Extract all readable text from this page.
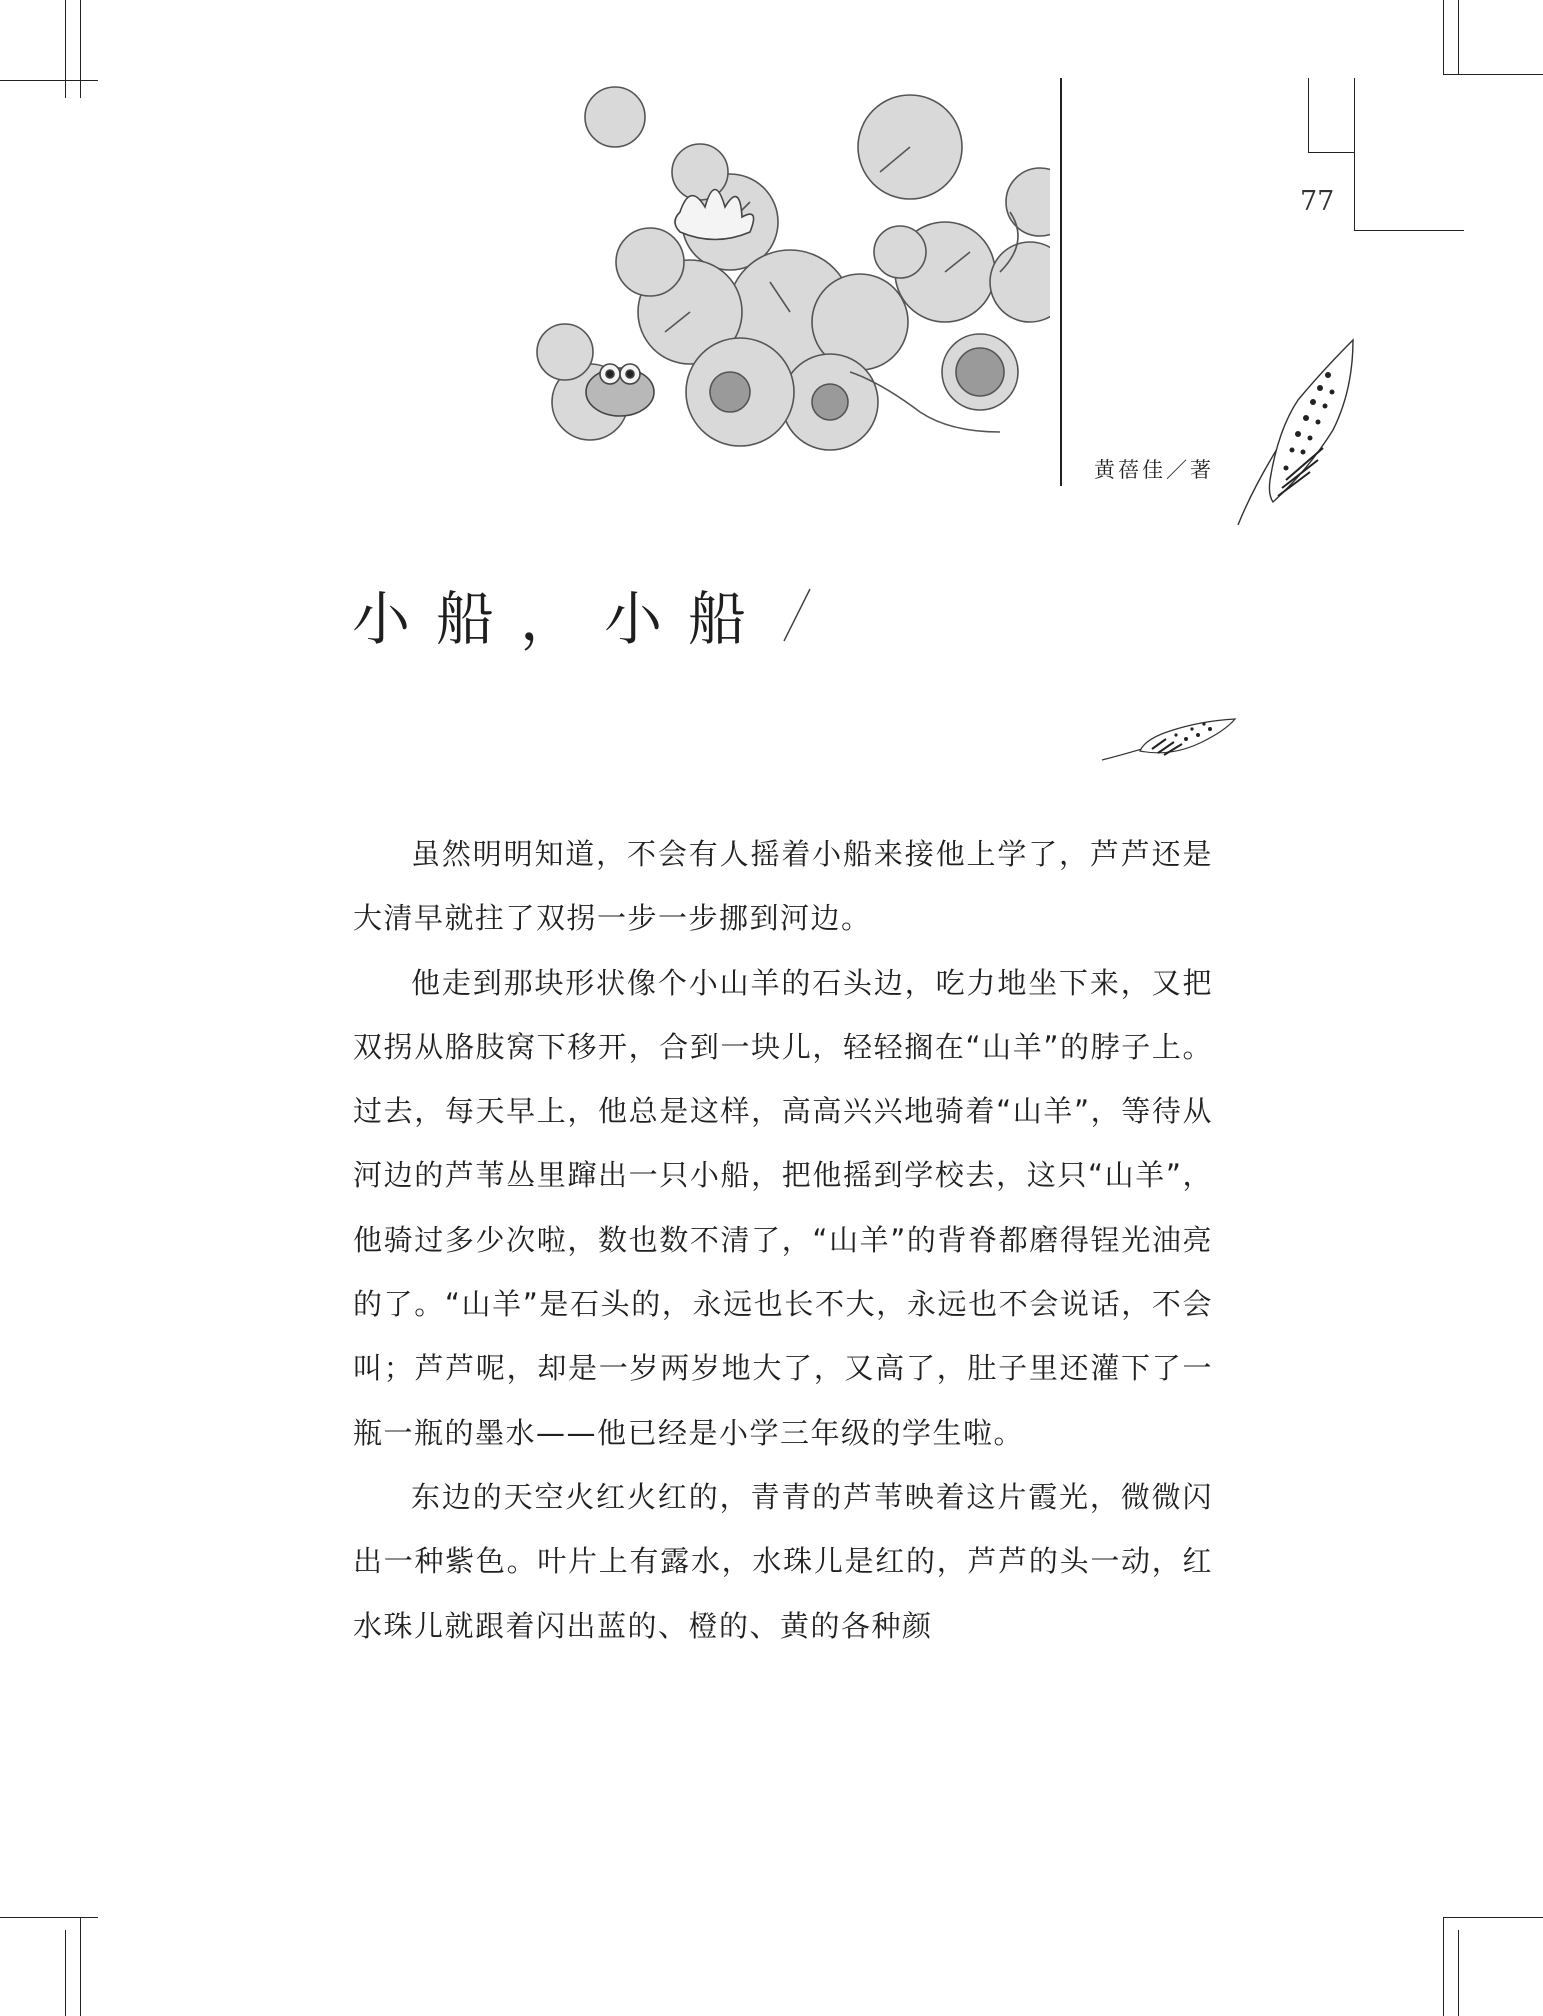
77
黄蓓佳／著
小船，小船

虽然明明知道，不会有人摇着小船来接他上学了，芦芦还是大清早就拄了双拐一步一步挪到河边。

他走到那块形状像个小山羊的石头边，吃力地坐下来，又把双拐从胳肢窝下移开，合到一块儿，轻轻搁在“山羊”的脖子上。过去，每天早上，他总是这样，高高兴兴地骑着“山羊”，等待从河边的芦苇丛里蹿出一只小船，把他摇到学校去，这只“山羊”，他骑过多少次啦，数也数不清了，“山羊”的背脊都磨得锃光油亮的了。“山羊”是石头的，永远也长不大，永远也不会说话，不会叫；芦芦呢，却是一岁两岁地大了，又高了，肚子里还灌下了一瓶一瓶的墨水——他已经是小学三年级的学生啦。

东边的天空火红火红的，青青的芦苇映着这片霞光，微微闪出一种紫色。叶片上有露水，水珠儿是红的，芦芦的头一动，红水珠儿就跟着闪出蓝的、橙的、黄的各种颜
